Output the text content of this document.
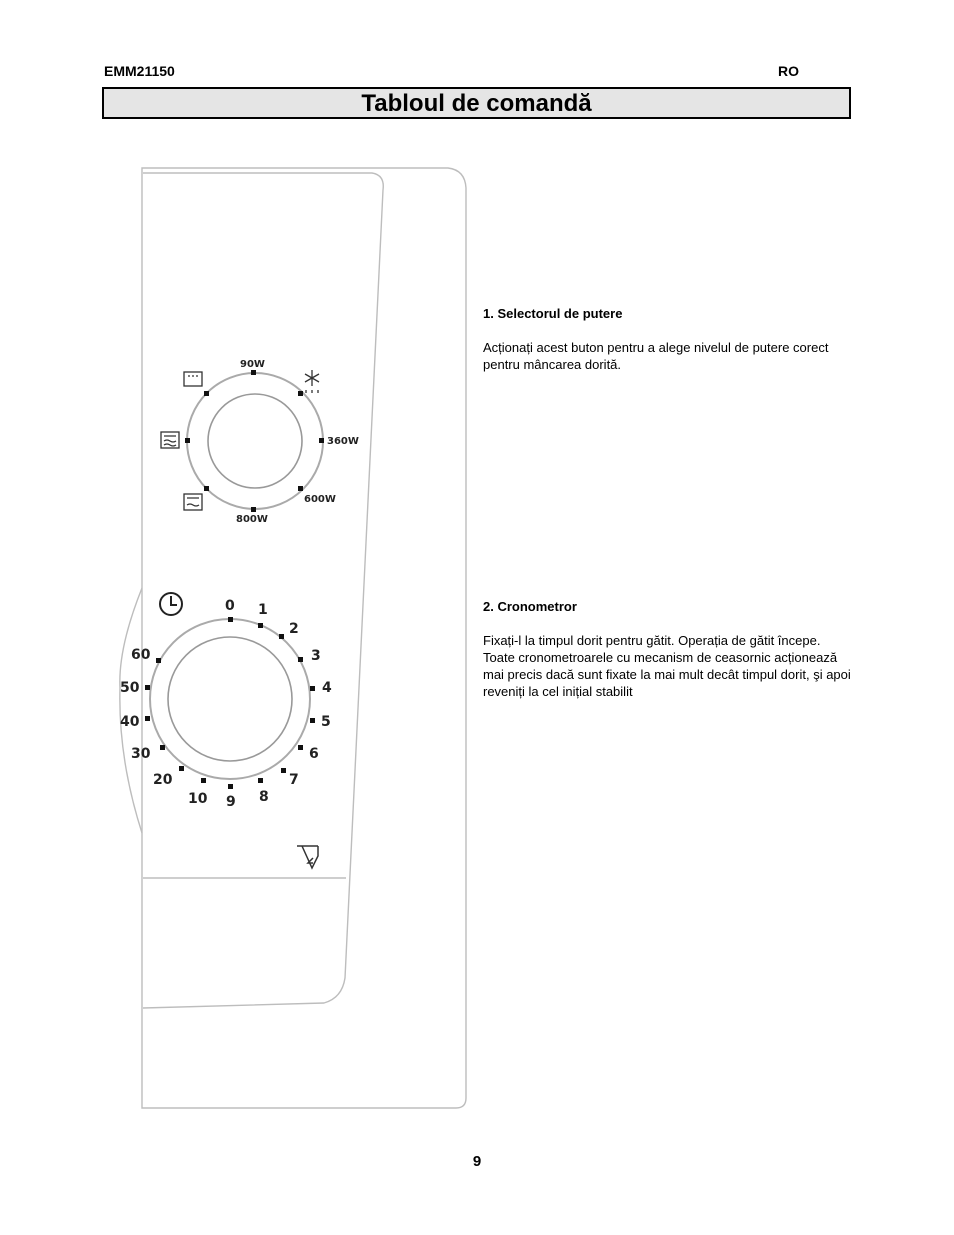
EMM21150	RO
Tabloul de comandă
90W
360W
600W
800W
0 1
2
3
4
5
6
7
8
9
10
20
30
40
50
60

1. Selectorul de putere

Acționați acest buton pentru a alege nivelul de putere corect pentru mâncarea dorită.

2. Cronometror

Fixați-l la timpul dorit pentru gătit. Operația de gătit începe. Toate cronometroarele cu mecanism de ceasornic acționează mai precis dacă sunt fixate la mai mult decât timpul dorit, şi apoi reveniți la cel inițial stabilit

9
